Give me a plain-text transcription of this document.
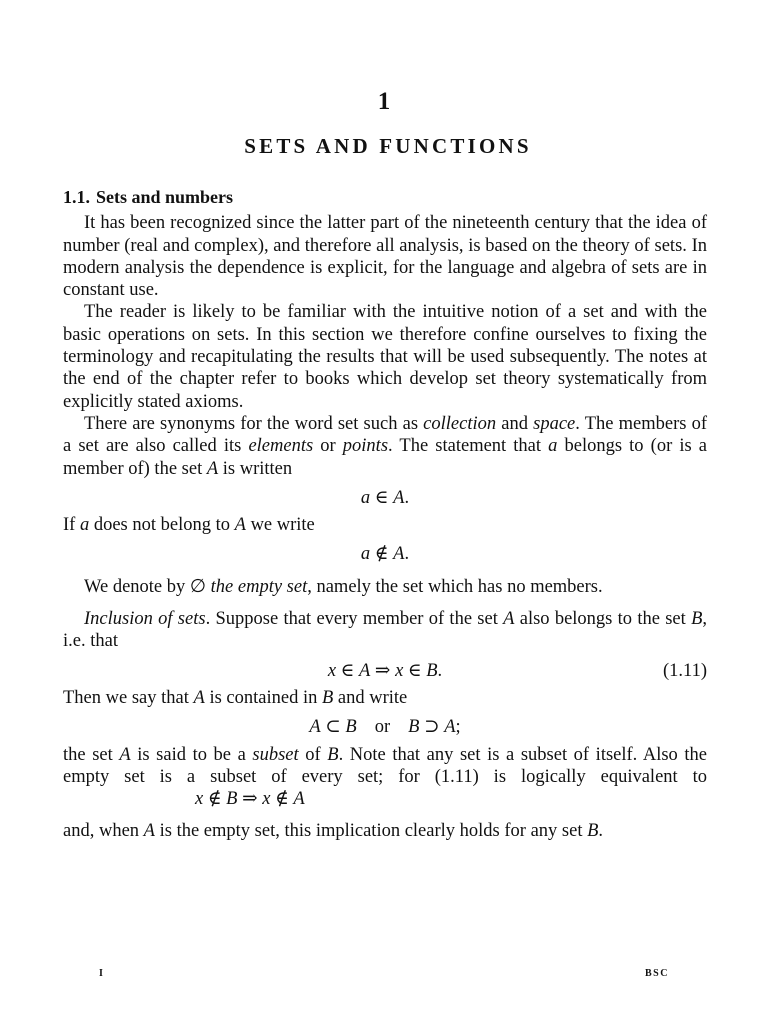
1
SETS AND FUNCTIONS
1.1. Sets and numbers

It has been recognized since the latter part of the nineteenth century that the idea of number (real and complex), and therefore all analysis, is based on the theory of sets. In modern analysis the dependence is explicit, for the language and algebra of sets are in constant use.

The reader is likely to be familiar with the intuitive notion of a set and with the basic operations on sets. In this section we therefore confine ourselves to fixing the terminology and recapitulating the results that will be used subsequently. The notes at the end of the chapter refer to books which develop set theory systematically from explicitly stated axioms.

There are synonyms for the word set such as collection and space. The members of a set are also called its elements or points. The statement that a belongs to (or is a member of) the set A is written

a ∈ A.

If a does not belong to A we write

a ∉ A.

We denote by ∅ the empty set, namely the set which has no members.

Inclusion of sets. Suppose that every member of the set A also belongs to the set B, i.e. that

x ∈ A ⇒ x ∈ B.	(1.11)

Then we say that A is contained in B and write

A ⊂ B or B ⊃ A;

the set A is said to be a subset of B. Note that any set is a subset of itself. Also the empty set is a subset of every set; for (1.11) is logically equivalent tox ∉ B ⇒ x ∉ A

and, when A is the empty set, this implication clearly holds for any set B.

I	BSC
